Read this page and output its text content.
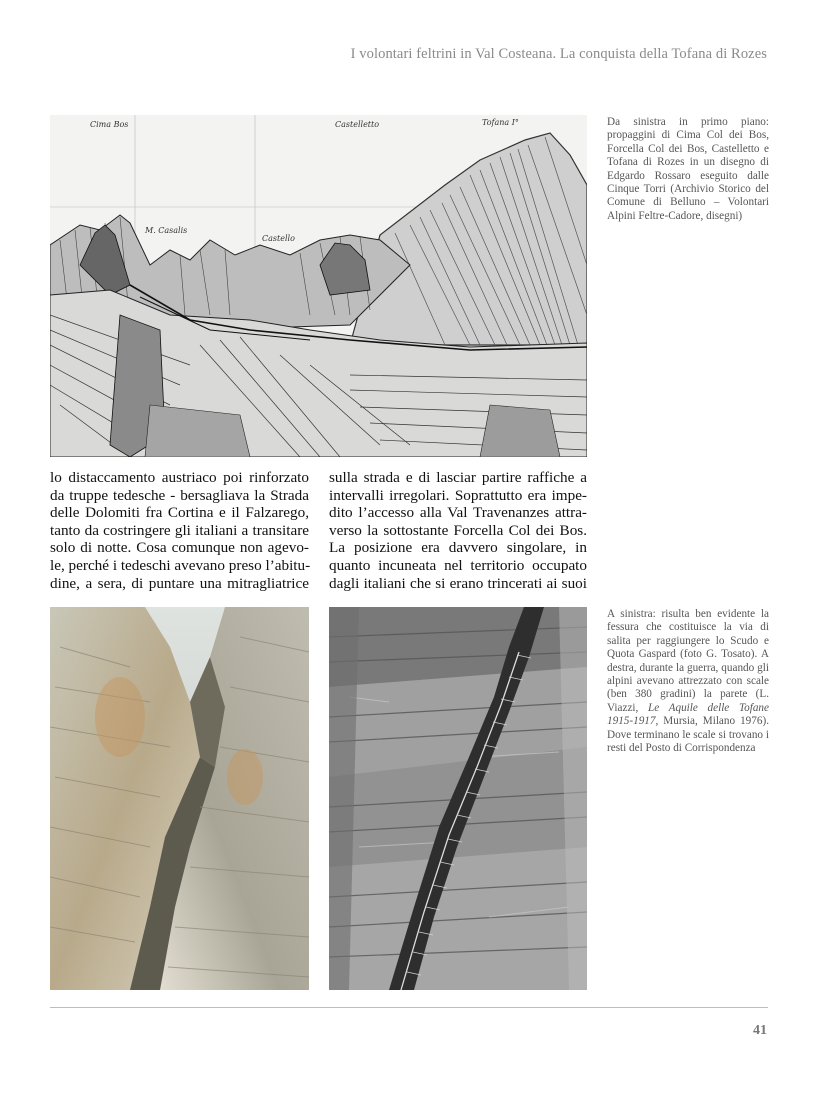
I volontari feltrini in Val Costeana. La conquista della Tofana di Rozes
Cima Bos	Castelletto	Tofana I°
M. Casalis
Castello
Da sinistra in primo piano: propaggini di Cima Col dei Bos, Forcella Col dei Bos, Castelletto e Tofana di Rozes in un disegno di Edgardo Rossaro eseguito dalle Cinque Torri (Archivio Storico del Comune di Belluno – Volontari Alpini Feltre-Cadore, disegni)
lo distaccamento austriaco poi rinforzato
da truppe tedesche - bersagliava la Strada
delle Dolomiti fra Cortina e il Falzarego,
tanto da costringere gli italiani a transitare
solo di notte. Cosa comunque non agevo-
le, perché i tedeschi avevano preso l’abitu-
dine, a sera, di puntare una mitragliatrice
sulla strada e di lasciar partire raffiche a
intervalli irregolari. Soprattutto era impe-
dito l’accesso alla Val Travenanzes attra-
verso la sottostante Forcella Col dei Bos.
La posizione era davvero singolare, in
quanto incuneata nel territorio occupato
dagli italiani che si erano trincerati ai suoi
A sinistra: risulta ben evidente la fessura che costituisce la via di salita per raggiungere lo Scudo e Quota Gaspard (foto G. Tosato). A destra, durante la guerra, quando gli alpini avevano attrezzato con scale (ben 380 gradini) la parete (L. Viazzi, Le Aquile delle Tofane 1915-1917, Mursia, Milano 1976). Dove terminano le scale si trovano i resti del Posto di Corrispondenza
41
